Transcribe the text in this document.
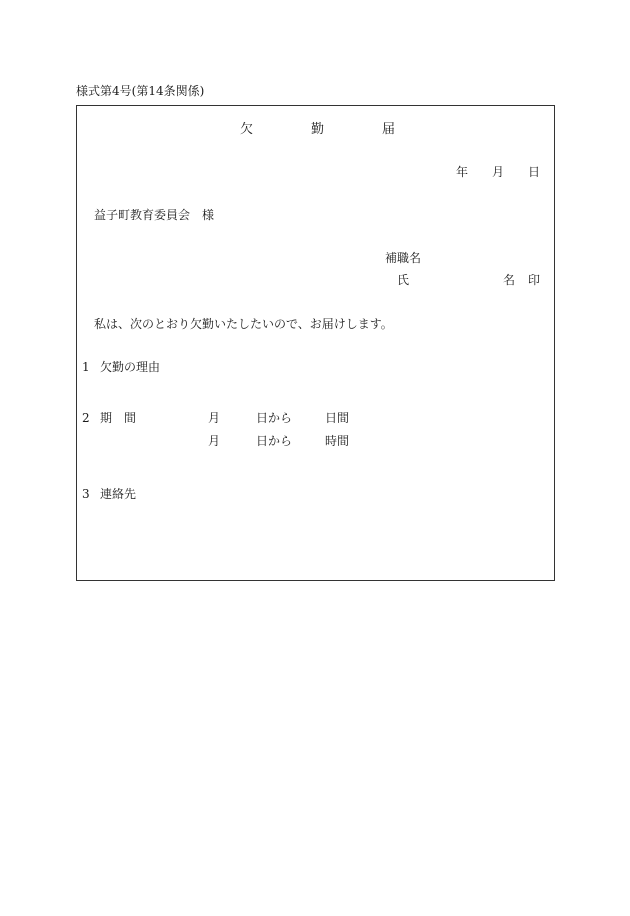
様式第4号(第14条関係)
欠	勤	届
年 月 日
益子町教育委員会　様
補職名
氏	名 印
私は、次のとおり欠勤いたしたいので、お届けします。
1 欠勤の理由
2 期　間	月	日から	日間
月	日から	時間
3 連絡先
